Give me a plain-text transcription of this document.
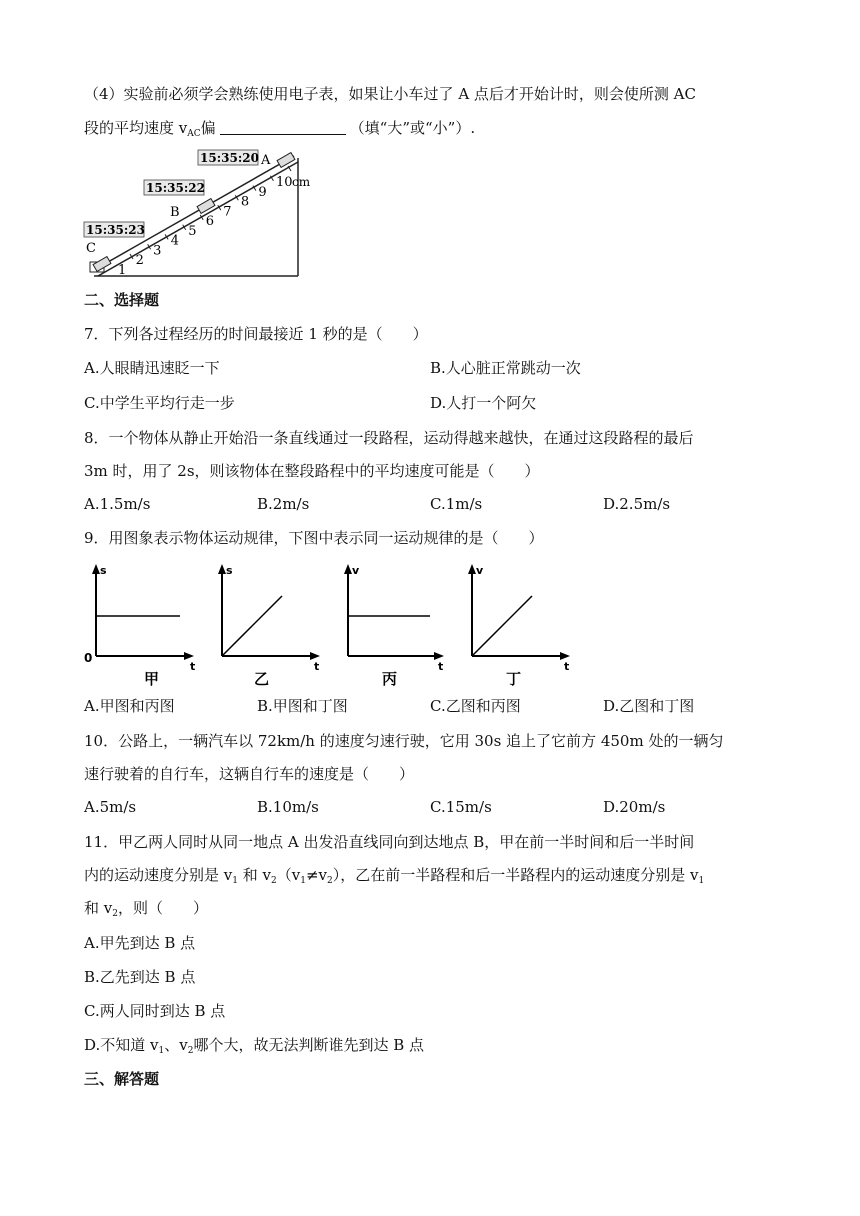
（4）实验前必须学会熟练使用电子表，如果让小车过了 A 点后才开始计时，则会使所测 AC
段的平均速度 $v_{AC}$偏	（填“大”或“小”）.
15:35:20
15:35:22
15:35:23
A
B
C
1
2
3
4
5
6
7
8
9
10 cm
二、选择题
7．下列各过程经历的时间最接近 1 秒的是（　　）
A.人眼睛迅速眨一下	B.人心脏正常跳动一次
C.中学生平均行走一步	D.人打一个阿欠
8．一个物体从静止开始沿一条直线通过一段路程，运动得越来越快，在通过这段路程的最后
3m 时，用了 2s，则该物体在整段路程中的平均速度可能是（　　）
A.1.5m/s	B.2m/s	C.1m/s	D.2.5m/s
9．用图象表示物体运动规律，下图中表示同一运动规律的是（　　）
s
t
0
甲
s
t
乙
v
t
丙
v
t
丁
A.甲图和丙图	B.甲图和丁图	C.乙图和丙图	D.乙图和丁图
10．公路上，一辆汽车以 72km/h 的速度匀速行驶，它用 30s 追上了它前方 450m 处的一辆匀
速行驶着的自行车，这辆自行车的速度是（　　）
A.5m/s	B.10m/s	C.15m/s	D.20m/s
11．甲乙两人同时从同一地点 A 出发沿直线同向到达地点 B，甲在前一半时间和后一半时间
内的运动速度分别是 $v_1$ 和 $v_2(v_1\ne v_2)$，乙在前一半路程和后一半路程内的运动速度分别是 $v_1$
和 $v_2$，则（　　）
A.甲先到达 B 点
B.乙先到达 B 点
C.两人同时到达 B 点
D.不知道 $v_1$、$v_2$哪个大，故无法判断谁先到达 B 点
三、解答题
